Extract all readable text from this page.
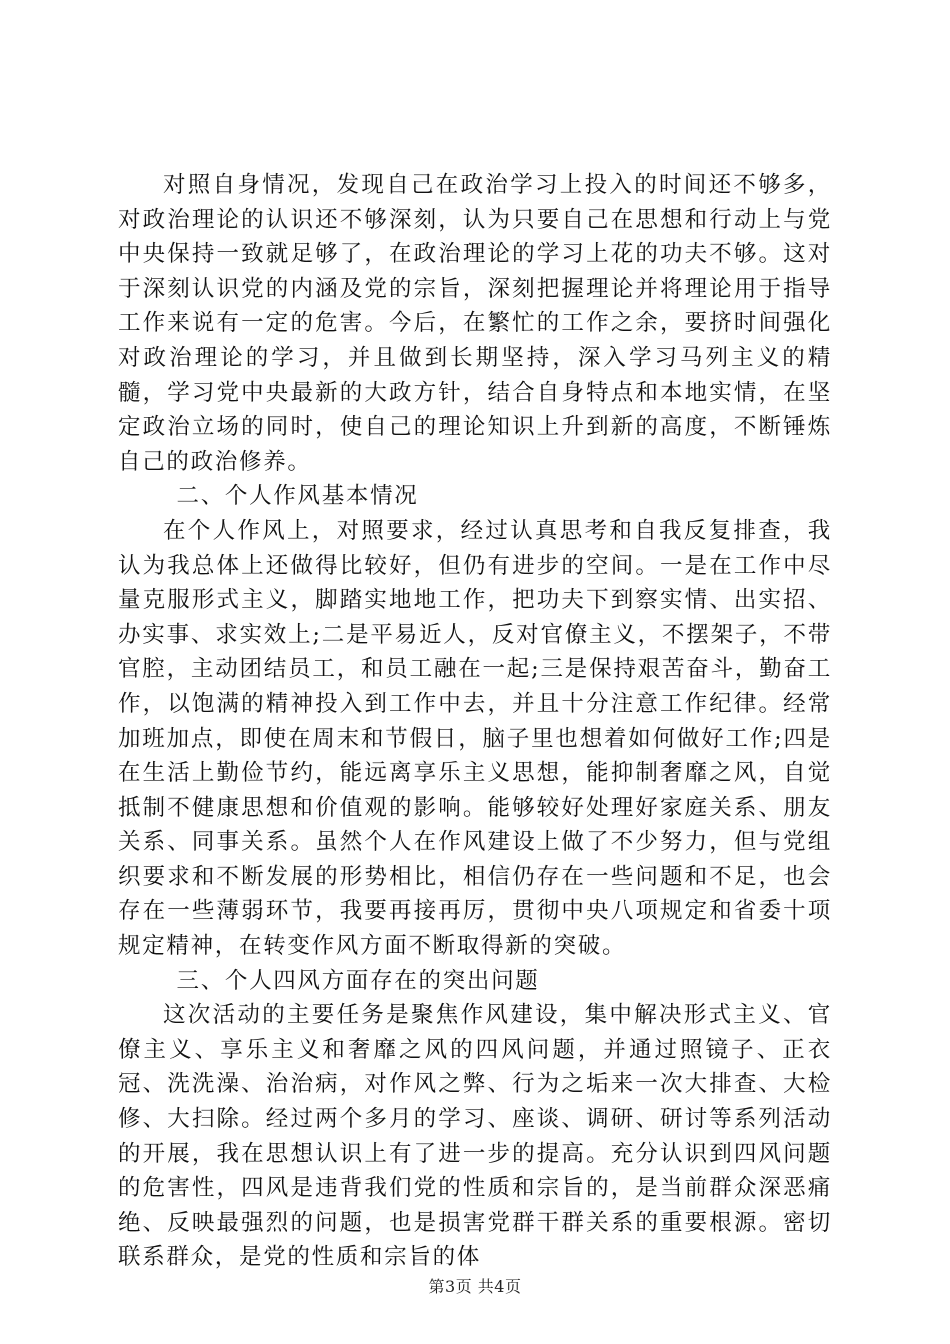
对照自身情况，发现自己在政治学习上投入的时间还不够多，对政治理论的认识还不够深刻，认为只要自己在思想和行动上与党中央保持一致就足够了，在政治理论的学习上花的功夫不够。这对于深刻认识党的内涵及党的宗旨，深刻把握理论并将理论用于指导工作来说有一定的危害。今后，在繁忙的工作之余，要挤时间强化对政治理论的学习，并且做到长期坚持，深入学习马列主义的精髓，学习党中央最新的大政方针，结合自身特点和本地实情，在坚定政治立场的同时，使自己的理论知识上升到新的高度，不断锤炼自己的政治修养。

二、个人作风基本情况

在个人作风上，对照要求，经过认真思考和自我反复排查，我认为我总体上还做得比较好，但仍有进步的空间。一是在工作中尽量克服形式主义，脚踏实地地工作，把功夫下到察实情、出实招、办实事、求实效上;二是平易近人，反对官僚主义，不摆架子，不带官腔，主动团结员工，和员工融在一起;三是保持艰苦奋斗，勤奋工作，以饱满的精神投入到工作中去，并且十分注意工作纪律。经常加班加点，即使在周末和节假日，脑子里也想着如何做好工作;四是在生活上勤俭节约，能远离享乐主义思想，能抑制奢靡之风，自觉抵制不健康思想和价值观的影响。能够较好处理好家庭关系、朋友关系、同事关系。虽然个人在作风建设上做了不少努力，但与党组织要求和不断发展的形势相比，相信仍存在一些问题和不足，也会存在一些薄弱环节，我要再接再厉，贯彻中央八项规定和省委十项规定精神，在转变作风方面不断取得新的突破。

三、个人四风方面存在的突出问题

这次活动的主要任务是聚焦作风建设，集中解决形式主义、官僚主义、享乐主义和奢靡之风的四风问题，并通过照镜子、正衣冠、洗洗澡、治治病，对作风之弊、行为之垢来一次大排查、大检修、大扫除。经过两个多月的学习、座谈、调研、研讨等系列活动的开展，我在思想认识上有了进一步的提高。充分认识到四风问题的危害性，四风是违背我们党的性质和宗旨的，是当前群众深恶痛绝、反映最强烈的问题，也是损害党群干群关系的重要根源。密切联系群众，是党的性质和宗旨的体

第3页 共4页
